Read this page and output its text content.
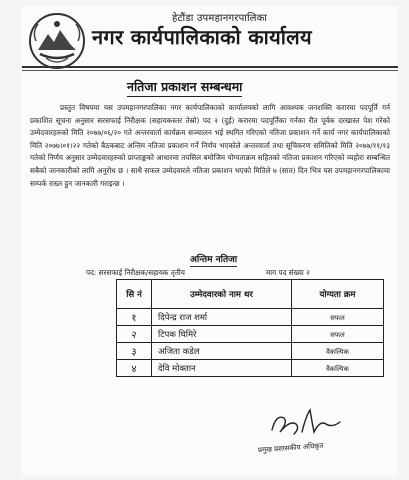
हेटौंडा उपमहानगरपालिका
नगर कार्यपालिकाको कार्यालय
नतिजा प्रकाशन सम्बन्धमा
प्रस्तुत विषयमा यस उपमहानगरपालिका नगर कार्यपालिकाको कार्यालयको लागि आवश्यक जनशक्ति करारमा पदपूर्ति गर्न प्रकाशित सूचना अनुसार सरसफाई निरीक्षक (सहायकस्तर तेस्रो) पद २ (दुई) करारमा पदपूर्तिका गर्नका रीत पूर्वक दरखास्त पेश गरेको उम्मेदवारहरुको मिति २०७७/०६/२० गते अन्तरवार्ता कार्यक्रम सञ्चालन भई स्थगित गरिएको नतिजा प्रकाशन गर्ने कार्य नगर कार्यपालिकाको मिति २०७७।०१।२२ गतेको बैठकबाट अन्तिम नतिजा प्रकाशन गर्ने निर्णय भएकोले अन्तरवार्ता तथा सूचिकरण समितिको मिति २०७७/११/१३ गतेको निर्णय अनुसार उम्मेदवारहरुको प्राप्ताङ्कको आधारमा तपसिल बमोजिम योग्यताक्रम सहितको नतिजा प्रकाशन गरिएको व्यहोरा सम्बन्धित सबैको जानकारीको लागि अनुरोध छ । साथै सफल उम्मेदवारले नतिजा प्रकाशन भएको मितिले ७ (सात) दिन भित्र यस उपमहानगरपालिकामा सम्पर्क राख्न हुन जानकारी गराइन्छ ।
अन्तिम नतिजा
पद: सरसफाई निरीक्षक/सहायक तृतीय	माग पद संख्या २
सि नं	उम्मेदवारको नाम थर	योग्यता क्रम
१	दिपेन्द्र राज शर्मा	सफल
२	टिपक घिमिरे	सफल
३	अजिता कडेल	वैकल्पिक
४	देवि मोक्तान	वैकल्पिक
प्रमुख प्रशासकीय अधिकृत
